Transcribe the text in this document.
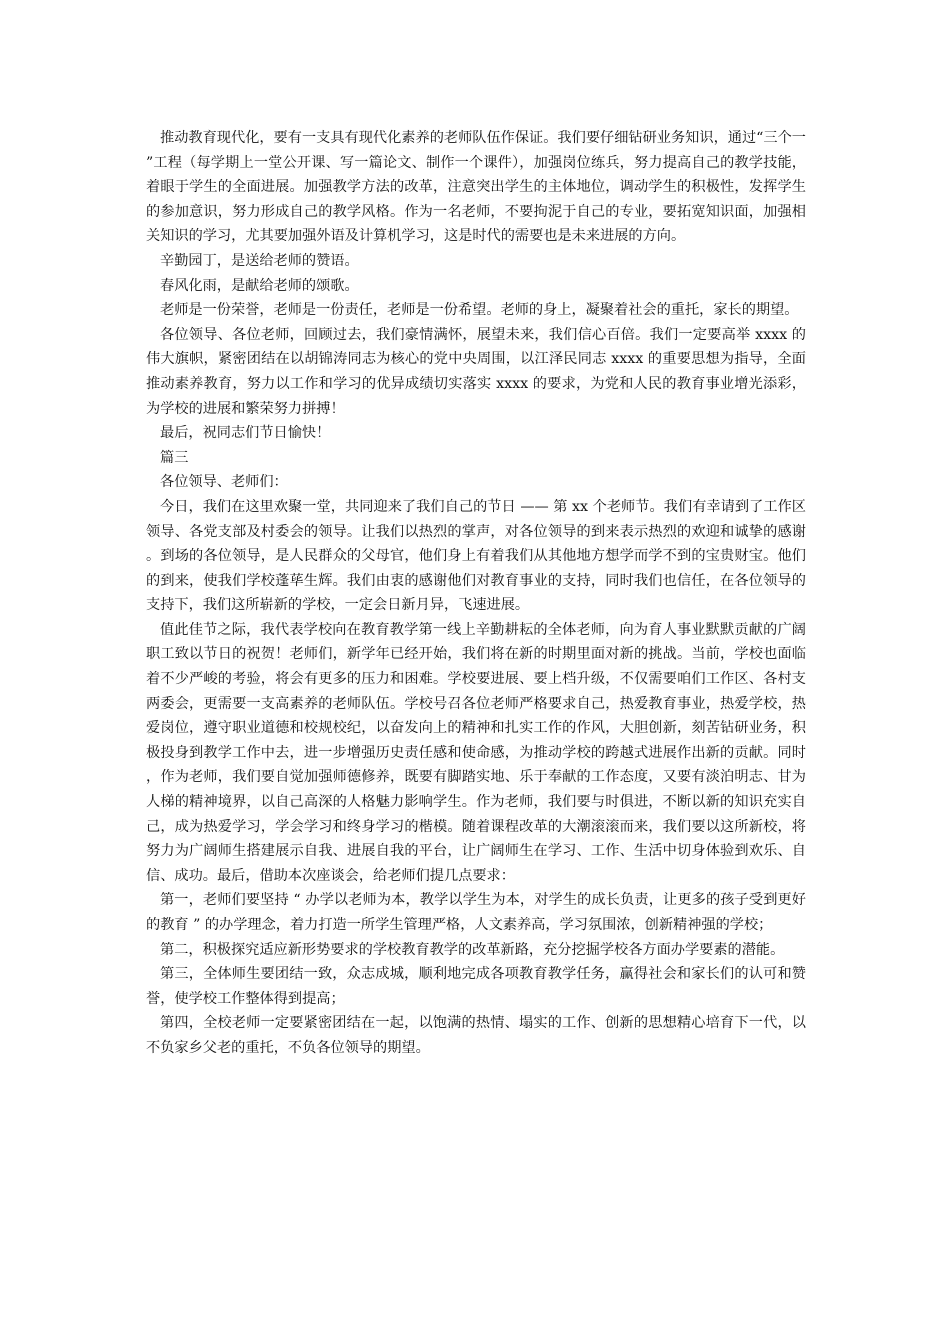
推动教育现代化，要有一支具有现代化素养的老师队伍作保证。我们要仔细钻研业务知识，通过“三个一”工程（每学期上一堂公开课、写一篇论文、制作一个课件），加强岗位练兵，努力提高自己的教学技能，着眼于学生的全面进展。加强教学方法的改革，注意突出学生的主体地位，调动学生的积极性，发挥学生的参加意识，努力形成自己的教学风格。作为一名老师，不要拘泥于自己的专业，要拓宽知识面，加强相关知识的学习，尤其要加强外语及计算机学习，这是时代的需要也是未来进展的方向。

辛勤园丁，是送给老师的赞语。

春风化雨，是献给老师的颂歌。

老师是一份荣誉，老师是一份责任，老师是一份希望。老师的身上，凝聚着社会的重托，家长的期望。

各位领导、各位老师，回顾过去，我们豪情满怀，展望未来，我们信心百倍。我们一定要高举 xxxx 的伟大旗帜，紧密团结在以胡锦涛同志为核心的党中央周围，以江泽民同志 xxxx 的重要思想为指导，全面推动素养教育，努力以工作和学习的优异成绩切实落实 xxxx 的要求，为党和人民的教育事业增光添彩，为学校的进展和繁荣努力拼搏！

最后，祝同志们节日愉快！

篇三

各位领导、老师们：

今日，我们在这里欢聚一堂，共同迎来了我们自己的节日 —— 第 xx 个老师节。我们有幸请到了工作区领导、各党支部及村委会的领导。让我们以热烈的掌声，对各位领导的到来表示热烈的欢迎和诚挚的感谢。到场的各位领导，是人民群众的父母官，他们身上有着我们从其他地方想学而学不到的宝贵财宝。他们的到来，使我们学校蓬荜生辉。我们由衷的感谢他们对教育事业的支持，同时我们也信任，在各位领导的支持下，我们这所崭新的学校，一定会日新月异，飞速进展。

值此佳节之际，我代表学校向在教育教学第一线上辛勤耕耘的全体老师，向为育人事业默默贡献的广阔职工致以节日的祝贺！老师们，新学年已经开始，我们将在新的时期里面对新的挑战。当前，学校也面临着不少严峻的考验，将会有更多的压力和困难。学校要进展、要上档升级，不仅需要咱们工作区、各村支两委会，更需要一支高素养的老师队伍。学校号召各位老师严格要求自己，热爱教育事业，热爱学校，热爱岗位，遵守职业道德和校规校纪，以奋发向上的精神和扎实工作的作风，大胆创新，刻苦钻研业务，积极投身到教学工作中去，进一步增强历史责任感和使命感，为推动学校的跨越式进展作出新的贡献。同时，作为老师，我们要自觉加强师德修养，既要有脚踏实地、乐于奉献的工作态度，又要有淡泊明志、甘为人梯的精神境界，以自己高深的人格魅力影响学生。作为老师，我们要与时俱进，不断以新的知识充实自己，成为热爱学习，学会学习和终身学习的楷模。随着课程改革的大潮滚滚而来，我们要以这所新校，将努力为广阔师生搭建展示自我、进展自我的平台，让广阔师生在学习、工作、生活中切身体验到欢乐、自信、成功。最后，借助本次座谈会，给老师们提几点要求：

第一，老师们要坚持 “ 办学以老师为本，教学以学生为本，对学生的成长负责，让更多的孩子受到更好的教育 ” 的办学理念，着力打造一所学生管理严格，人文素养高，学习氛围浓，创新精神强的学校；

第二，积极探究适应新形势要求的学校教育教学的改革新路，充分挖掘学校各方面办学要素的潜能。

第三，全体师生要团结一致，众志成城，顺利地完成各项教育教学任务，赢得社会和家长们的认可和赞誉，使学校工作整体得到提高；

第四，全校老师一定要紧密团结在一起，以饱满的热情、塌实的工作、创新的思想精心培育下一代，以不负家乡父老的重托，不负各位领导的期望。
